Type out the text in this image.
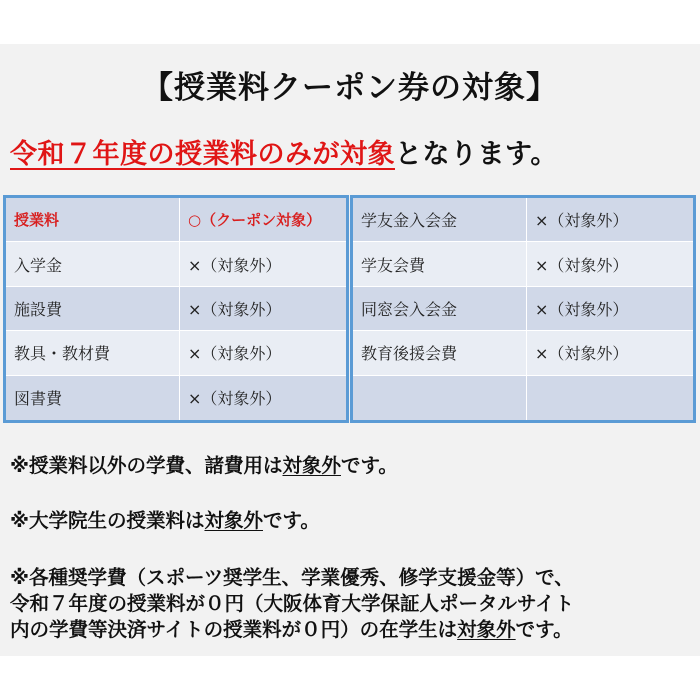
【授業料クーポン券の対象】
令和７年度の授業料のみが対象となります。
授業料	○（クーポン対象）
入学金	×（対象外）
施設費	×（対象外）
教具・教材費	×（対象外）
図書費	×（対象外）
学友金入会金	×（対象外）
学友会費	×（対象外）
同窓会入会金	×（対象外）
教育後援会費	×（対象外）
※授業料以外の学費、諸費用は対象外です。
※大学院生の授業料は対象外です。
※各種奨学費（スポーツ奨学生、学業優秀、修学支援金等）で、
令和７年度の授業料が０円（大阪体育大学保証人ポータルサイト
内の学費等決済サイトの授業料が０円）の在学生は対象外です。
